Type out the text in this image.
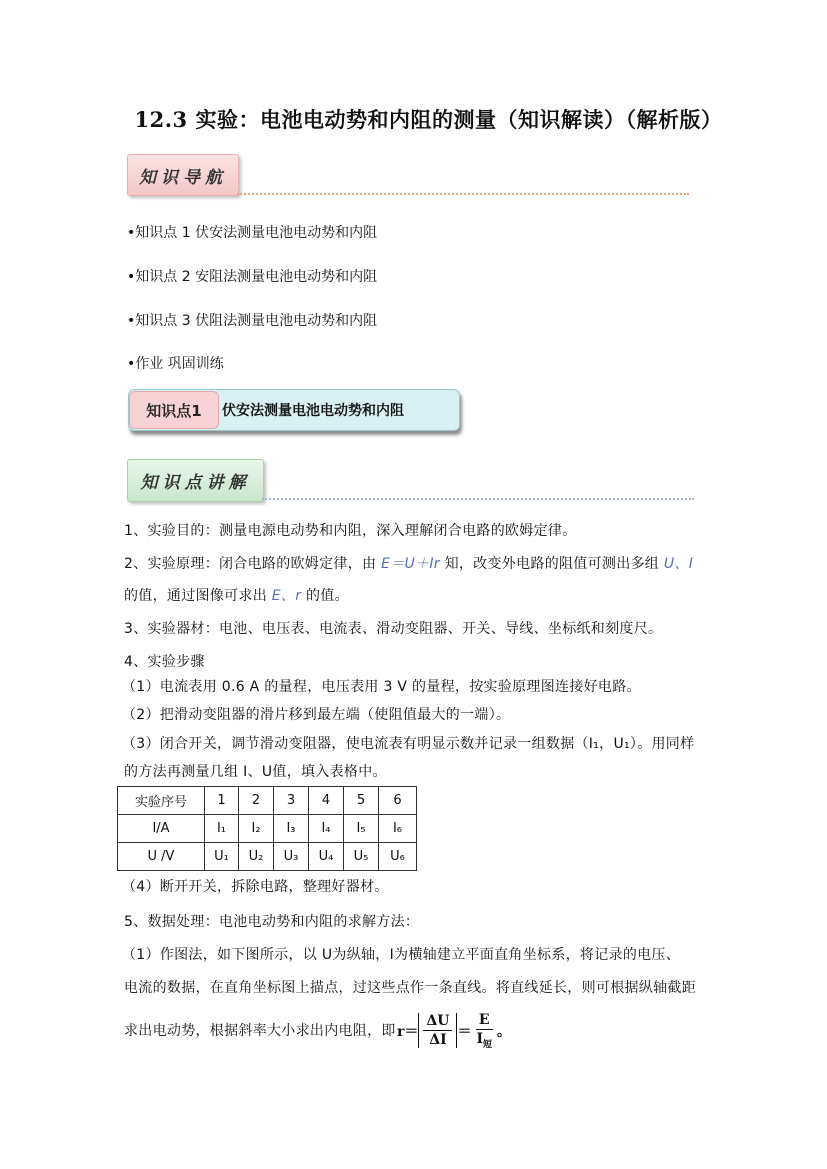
12.3 实验：电池电动势和内阻的测量（知识解读）（解析版）
知识导航
•知识点 1 伏安法测量电池电动势和内阻
•知识点 2 安阻法测量电池电动势和内阻
•知识点 3 伏阻法测量电池电动势和内阻
•作业 巩固训练
知识点1	伏安法测量电池电动势和内阻
知识点讲解
1、实验目的：测量电源电动势和内阻，深入理解闭合电路的欧姆定律。
2、实验原理：闭合电路的欧姆定律，由 E＝U＋Ir 知，改变外电路的阻值可测出多组 U、I
的值，通过图像可求出 E、r 的值。
3、实验器材：电池、电压表、电流表、滑动变阻器、开关、导线、坐标纸和刻度尺。
4、实验步骤
（1）电流表用 0.6 A 的量程，电压表用 3 V 的量程，按实验原理图连接好电路。
（2）把滑动变阻器的滑片移到最左端（使阻值最大的一端）。
（3）闭合开关，调节滑动变阻器，使电流表有明显示数并记录一组数据（I₁，U₁）。用同样
的方法再测量几组 I、U值，填入表格中。
实验序号	1	2	3	4	5	6
I/A	I₁	I₂	I₃	I₄	I₅	I₆
U /V	U₁	U₂	U₃	U₄	U₅	U₆
（4）断开开关，拆除电路，整理好器材。
5、数据处理：电池电动势和内阻的求解方法：
（1）作图法，如下图所示，以 U为纵轴，I为横轴建立平面直角坐标系，将记录的电压、
电流的数据，在直角坐标图上描点，过这些点作一条直线。将直线延长，则可根据纵轴截距
求出电动势，根据斜率大小求出内电阻，即 $r= \frac{\Delta U}{\Delta I} = \frac{E}{I_短}$ 。
